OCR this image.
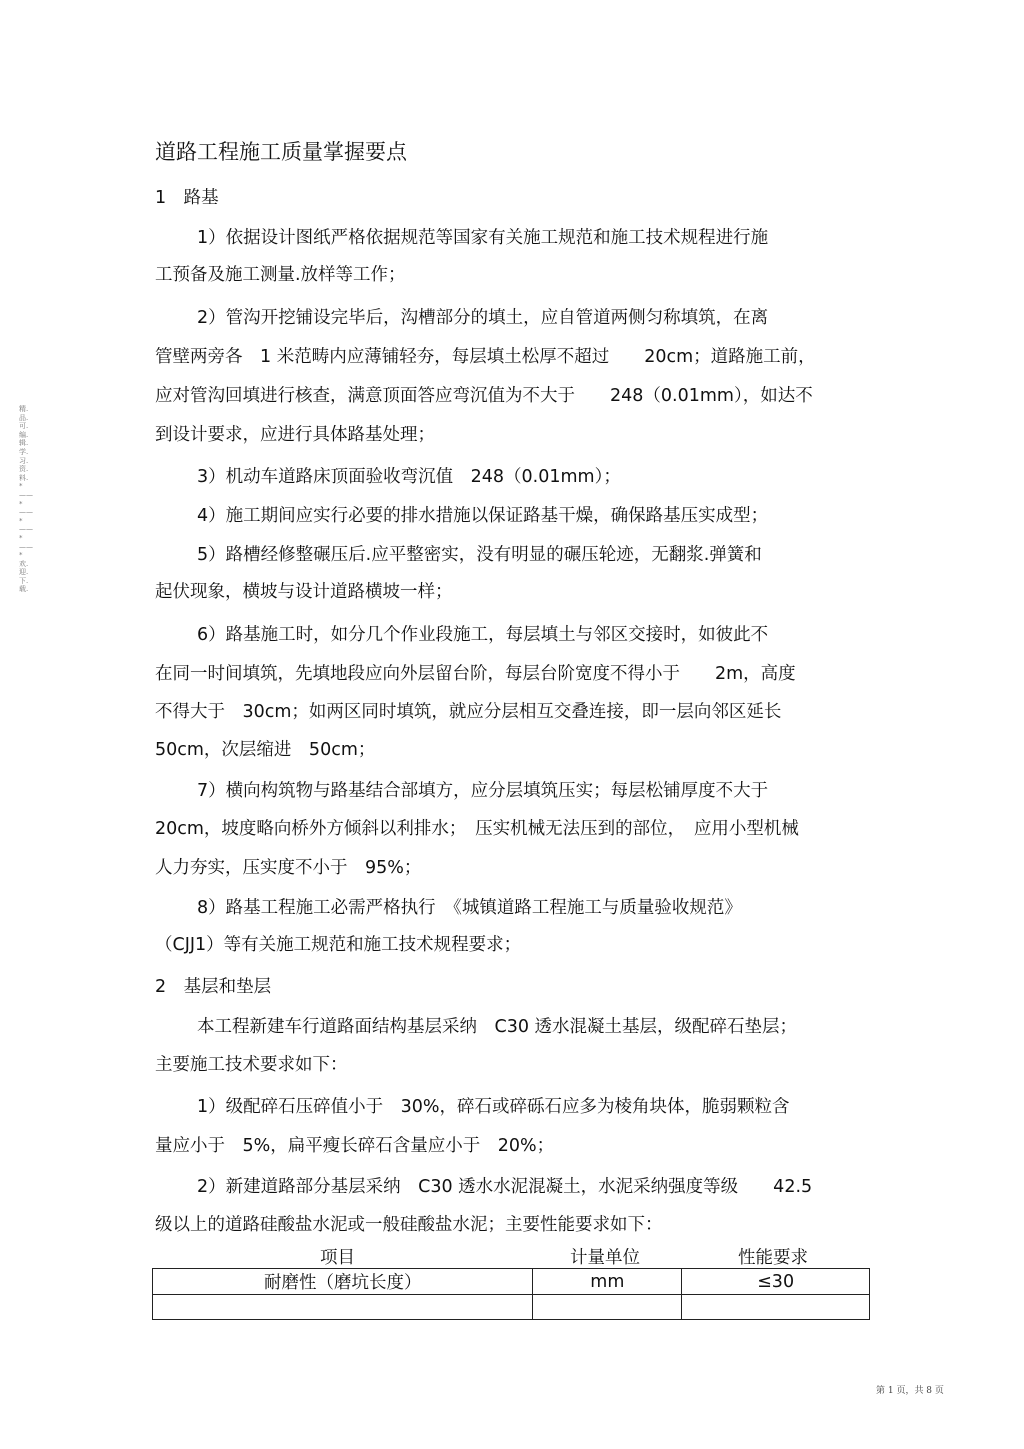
道路工程施工质量掌握要点
精.品.可.编.辑.学.习.资.料.*——*——*——*——*欢.迎.下.载.
1　路基
1）依据设计图纸严格依据规范等国家有关施工规范和施工技术规程进行施
工预备及施工测量.放样等工作；
2）管沟开挖铺设完毕后，沟槽部分的填土，应自管道两侧匀称填筑，在离
管壁两旁各　1 米范畴内应薄铺轻夯，每层填土松厚不超过　　20cm；道路施工前，
应对管沟回填进行核查，满意顶面答应弯沉值为不大于　　248（0.01mm），如达不
到设计要求，应进行具体路基处理；
3）机动车道路床顶面验收弯沉值　248（0.01mm）；
4）施工期间应实行必要的排水措施以保证路基干燥，确保路基压实成型；
5）路槽经修整碾压后.应平整密实，没有明显的碾压轮迹，无翻浆.弹簧和
起伏现象，横坡与设计道路横坡一样；
6）路基施工时，如分几个作业段施工，每层填土与邻区交接时，如彼此不
在同一时间填筑，先填地段应向外层留台阶，每层台阶宽度不得小于　　2m，高度
不得大于　30cm；如两区同时填筑，就应分层相互交叠连接，即一层向邻区延长
50cm，次层缩进　50cm；
7）横向构筑物与路基结合部填方，应分层填筑压实；每层松铺厚度不大于
20cm，坡度略向桥外方倾斜以利排水；　压实机械无法压到的部位，　应用小型机械
人力夯实，压实度不小于　95%；
8）路基工程施工必需严格执行　《城镇道路工程施工与质量验收规范》
（CJJ1）等有关施工规范和施工技术规程要求；
2　基层和垫层
本工程新建车行道路面结构基层采纳　C30 透水混凝土基层，级配碎石垫层；
主要施工技术要求如下：
1）级配碎石压碎值小于　30%，碎石或碎砾石应多为棱角块体，脆弱颗粒含
量应小于　5%，扁平瘦长碎石含量应小于　20%；
2）新建道路部分基层采纳　C30 透水水泥混凝土，水泥采纳强度等级　　42.5
级以上的道路硅酸盐水泥或一般硅酸盐水泥；主要性能要求如下：
项目	计量单位	性能要求
耐磨性（磨坑长度）	mm	≤30

第 1 页，共 8 页
